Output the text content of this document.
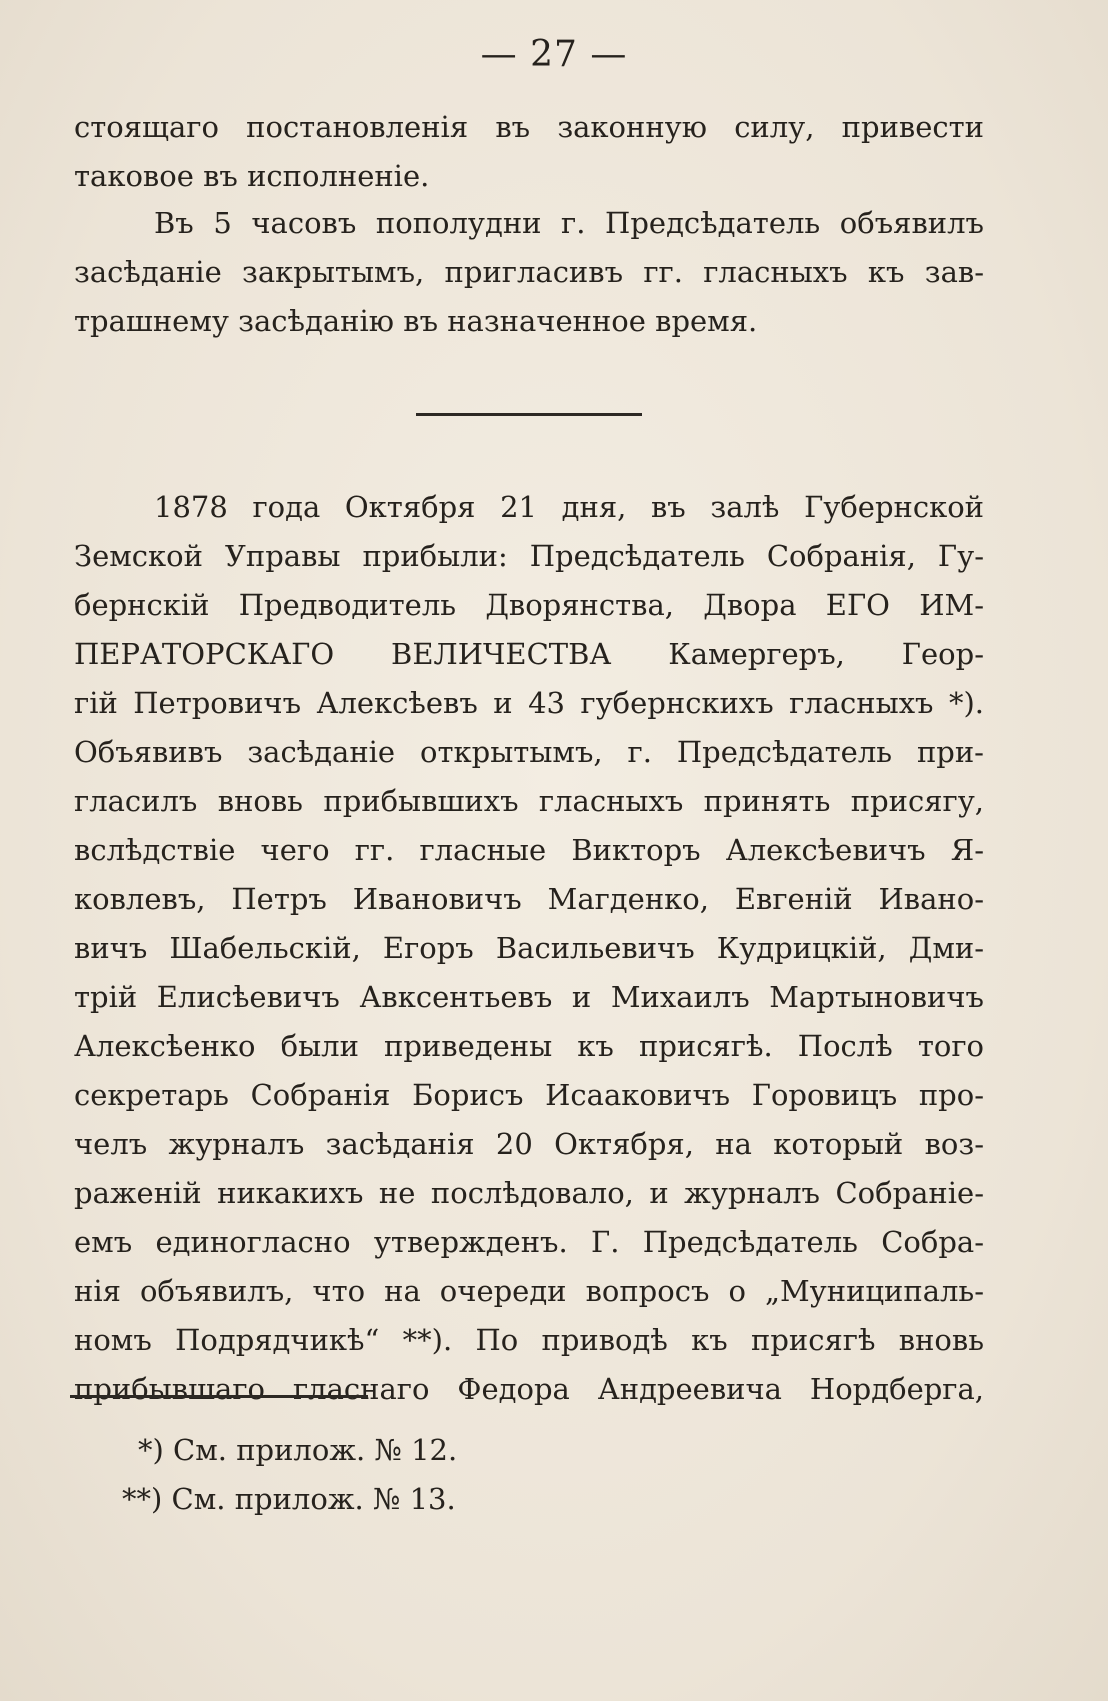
— 27 —
стоящаго постановленія въ законную силу, привести
таковое въ исполненіе.
Въ 5 часовъ пополудни г. Предсѣдатель объявилъ
засѣданіе закрытымъ, пригласивъ гг. гласныхъ къ зав-
трашнему засѣданію въ назначенное время.
1878 года Октября 21 дня, въ залѣ Губернской
Земской Управы прибыли: Предсѣдатель Собранія, Гу-
бернскій Предводитель Дворянства, Двора ЕГО ИМ-
ПЕРАТОРСКАГО ВЕЛИЧЕСТВА Камергеръ, Геор-
гій Петровичъ Алексѣевъ и 43 губернскихъ гласныхъ *).
Объявивъ засѣданіе открытымъ, г. Предсѣдатель при-
гласилъ вновь прибывшихъ гласныхъ принять присягу,
вслѣдствіе чего гг. гласные Викторъ Алексѣевичъ Я-
ковлевъ, Петръ Ивановичъ Магденко, Евгеній Ивано-
вичъ Шабельскій, Егоръ Васильевичъ Кудрицкій, Дми-
трій Елисѣевичъ Авксентьевъ и Михаилъ Мартыновичъ
Алексѣенко были приведены къ присягѣ. Послѣ того
секретарь Собранія Борисъ Исааковичъ Горовицъ про-
челъ журналъ засѣданія 20 Октября, на который воз-
раженій никакихъ не послѣдовало, и журналъ Собраніе-
емъ единогласно утвержденъ. Г. Предсѣдатель Собра-
нія объявилъ, что на очереди вопросъ о „Муниципаль-
номъ Подрядчикѣ“ **). По приводѣ къ присягѣ вновь
прибывшаго гласнаго Федора Андреевича Нордберга,
*) См. прилож. № 12.
**) См. прилож. № 13.
